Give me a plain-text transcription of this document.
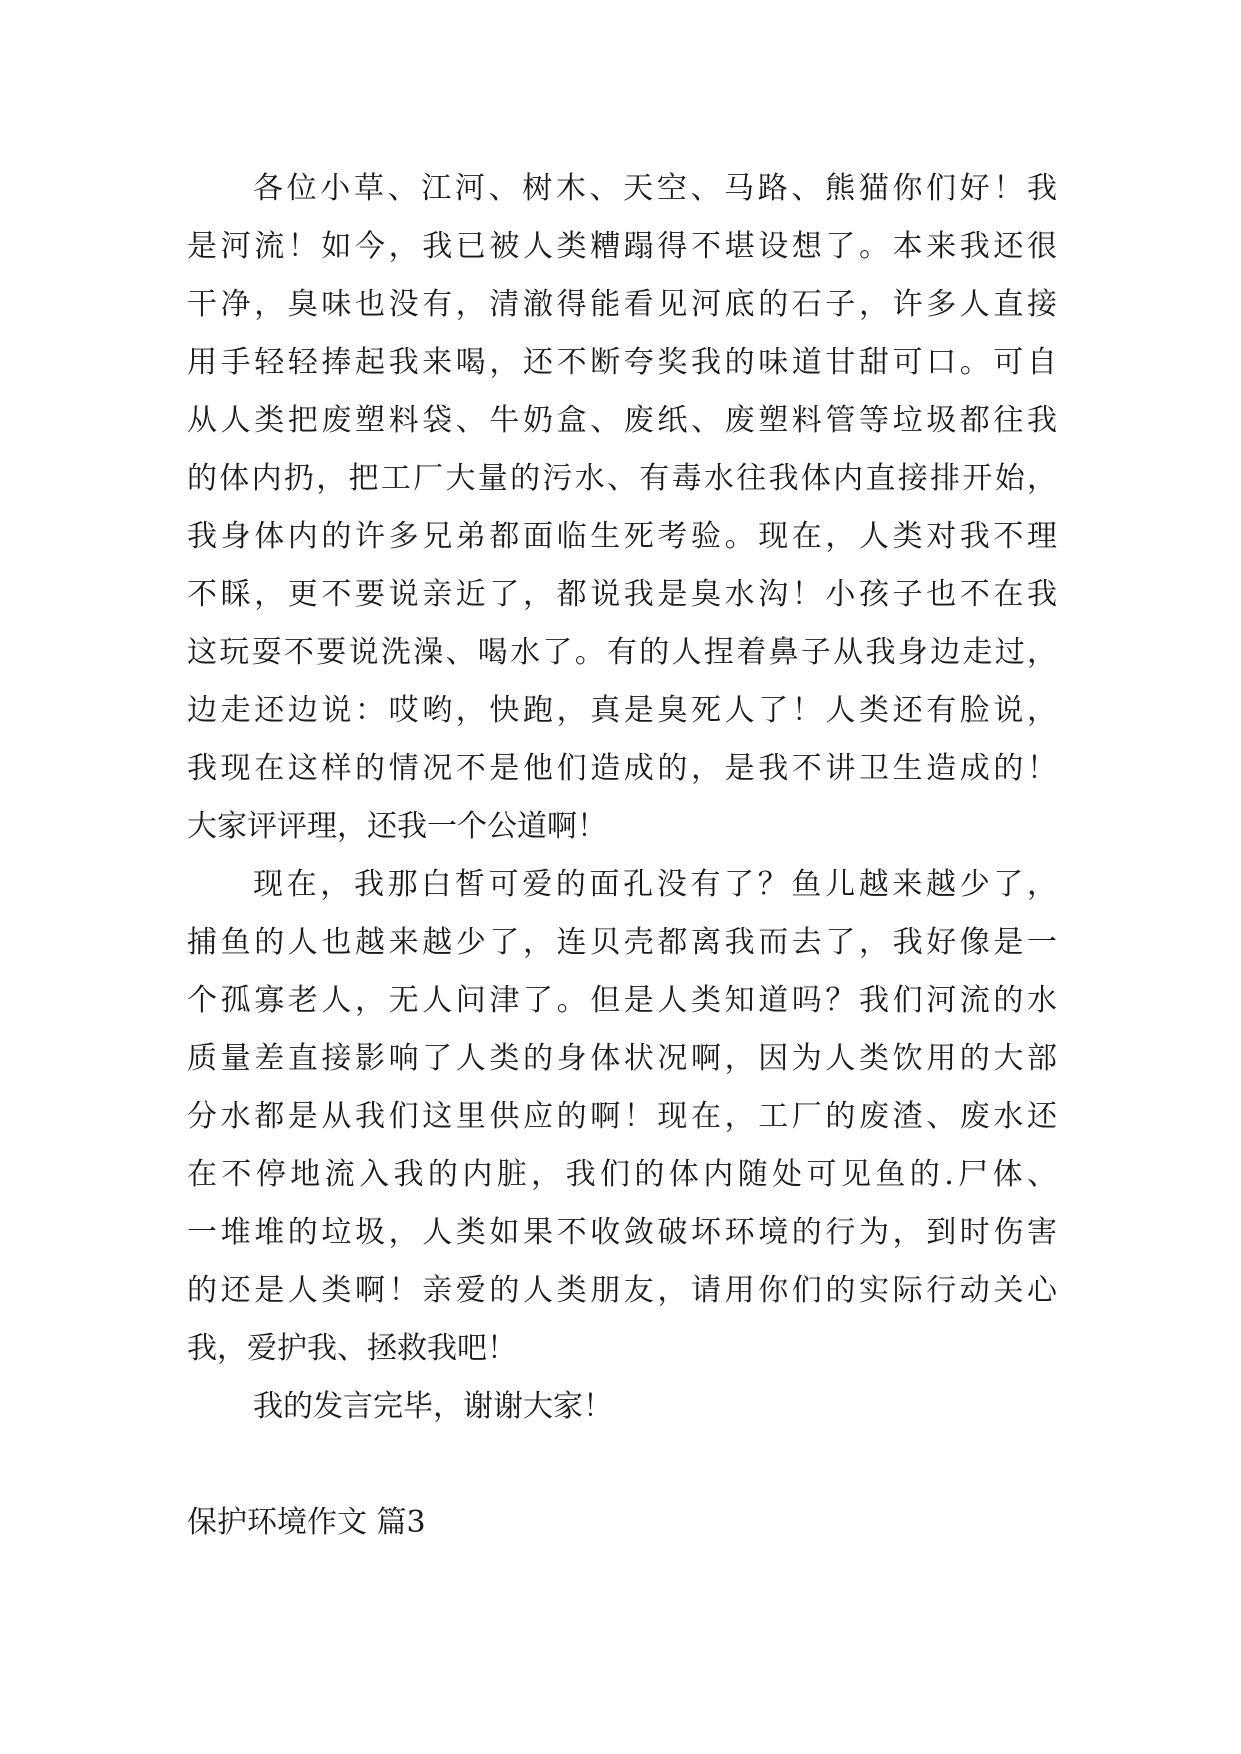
各位小草、江河、树木、天空、马路、熊猫你们好！我
是河流！如今，我已被人类糟蹋得不堪设想了。本来我还很
干净，臭味也没有，清澈得能看见河底的石子，许多人直接
用手轻轻捧起我来喝，还不断夸奖我的味道甘甜可口。可自
从人类把废塑料袋、牛奶盒、废纸、废塑料管等垃圾都往我
的体内扔，把工厂大量的污水、有毒水往我体内直接排开始，
我身体内的许多兄弟都面临生死考验。现在，人类对我不理
不睬，更不要说亲近了，都说我是臭水沟！小孩子也不在我
这玩耍不要说洗澡、喝水了。有的人捏着鼻子从我身边走过，
边走还边说：哎哟，快跑，真是臭死人了！人类还有脸说，
我现在这样的情况不是他们造成的，是我不讲卫生造成的！
大家评评理，还我一个公道啊！
现在，我那白皙可爱的面孔没有了？鱼儿越来越少了，
捕鱼的人也越来越少了，连贝壳都离我而去了，我好像是一
个孤寡老人，无人问津了。但是人类知道吗？我们河流的水
质量差直接影响了人类的身体状况啊，因为人类饮用的大部
分水都是从我们这里供应的啊！现在，工厂的废渣、废水还
在不停地流入我的内脏，我们的体内随处可见鱼的.尸体、
一堆堆的垃圾，人类如果不收敛破坏环境的行为，到时伤害
的还是人类啊！亲爱的人类朋友，请用你们的实际行动关心
我，爱护我、拯救我吧！
我的发言完毕，谢谢大家！
保护环境作文 篇3
